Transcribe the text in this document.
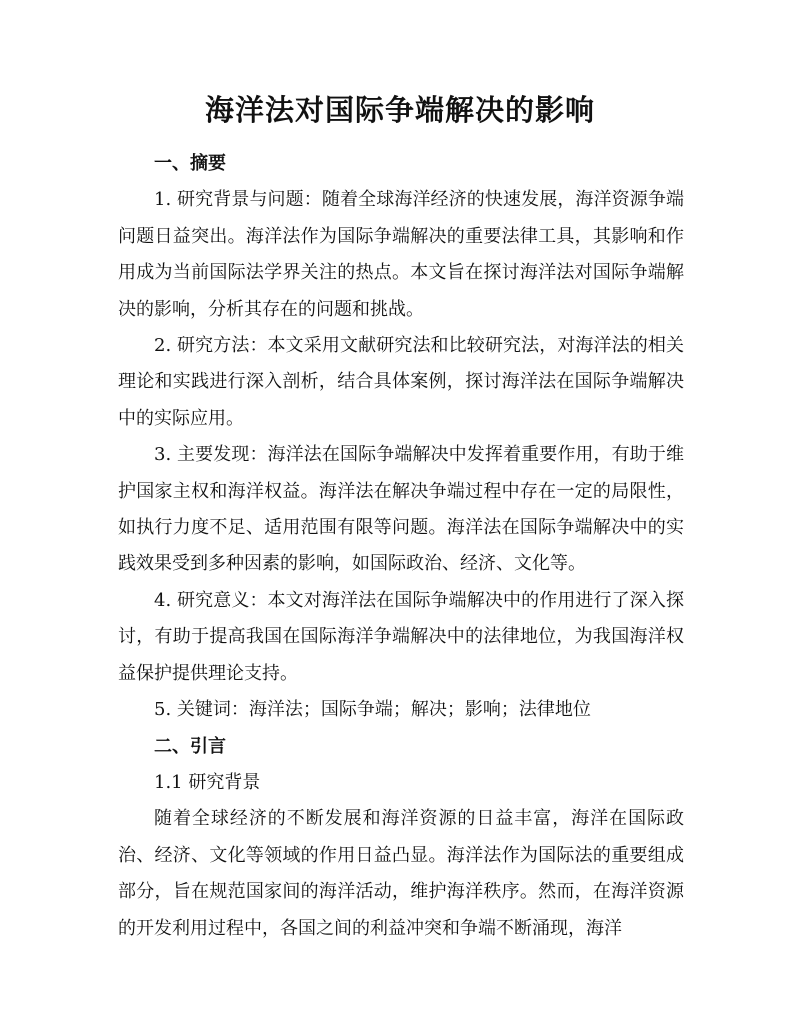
海洋法对国际争端解决的影响

一、摘要

1. 研究背景与问题：随着全球海洋经济的快速发展，海洋资源争端问题日益突出。海洋法作为国际争端解决的重要法律工具，其影响和作用成为当前国际法学界关注的热点。本文旨在探讨海洋法对国际争端解决的影响，分析其存在的问题和挑战。

2. 研究方法：本文采用文献研究法和比较研究法，对海洋法的相关理论和实践进行深入剖析，结合具体案例，探讨海洋法在国际争端解决中的实际应用。

3. 主要发现：海洋法在国际争端解决中发挥着重要作用，有助于维护国家主权和海洋权益。海洋法在解决争端过程中存在一定的局限性，如执行力度不足、适用范围有限等问题。海洋法在国际争端解决中的实践效果受到多种因素的影响，如国际政治、经济、文化等。

4. 研究意义：本文对海洋法在国际争端解决中的作用进行了深入探讨，有助于提高我国在国际海洋争端解决中的法律地位，为我国海洋权益保护提供理论支持。

5. 关键词：海洋法；国际争端；解决；影响；法律地位

二、引言

1.1 研究背景

随着全球经济的不断发展和海洋资源的日益丰富，海洋在国际政治、经济、文化等领域的作用日益凸显。海洋法作为国际法的重要组成部分，旨在规范国家间的海洋活动，维护海洋秩序。然而，在海洋资源的开发利用过程中，各国之间的利益冲突和争端不断涌现，海洋
